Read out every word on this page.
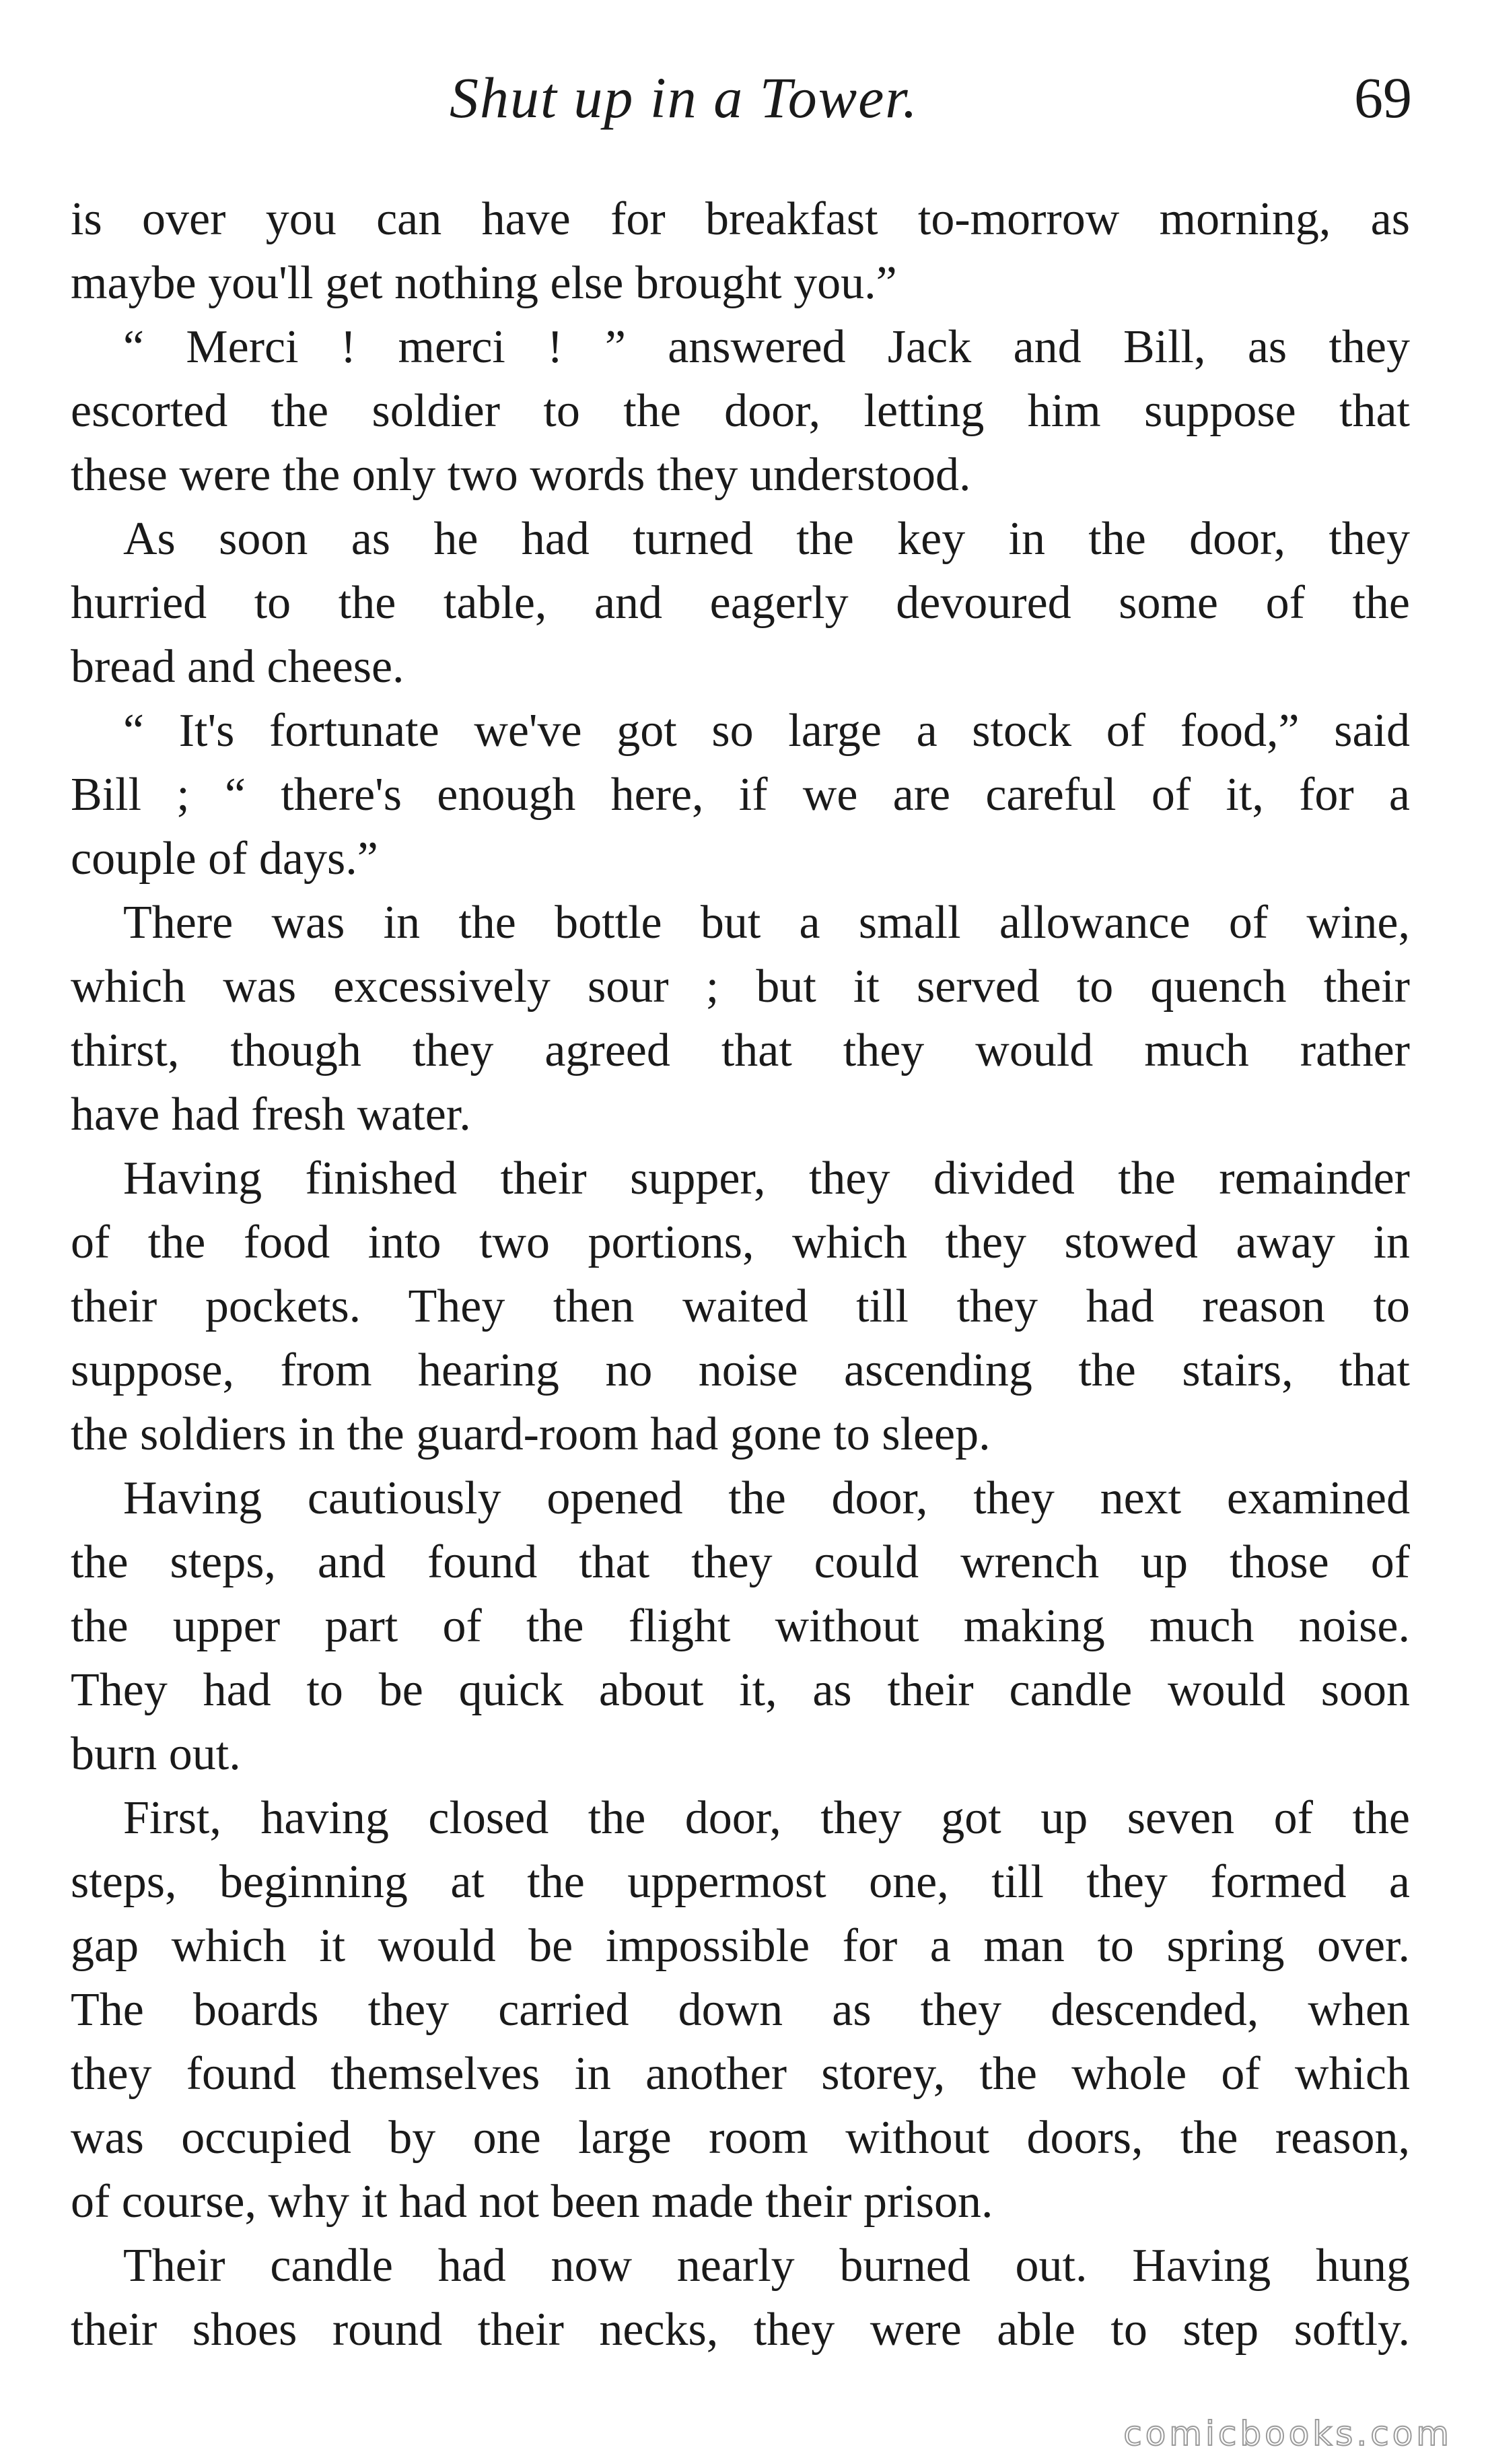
Shut up in a Tower.	69
is over you can have for breakfast to-morrow morning, as
maybe you'll get nothing else brought you.”
“ Merci ! merci ! ” answered Jack and Bill, as they
escorted the soldier to the door, letting him suppose that
these were the only two words they understood.
As soon as he had turned the key in the door, they
hurried to the table, and eagerly devoured some of the
bread and cheese.
“ It's fortunate we've got so large a stock of food,” said
Bill ; “ there's enough here, if we are careful of it, for a
couple of days.”
There was in the bottle but a small allowance of wine,
which was excessively sour ; but it served to quench their
thirst, though they agreed that they would much rather
have had fresh water.
Having finished their supper, they divided the remainder
of the food into two portions, which they stowed away in
their pockets. They then waited till they had reason to
suppose, from hearing no noise ascending the stairs, that
the soldiers in the guard-room had gone to sleep.
Having cautiously opened the door, they next examined
the steps, and found that they could wrench up those of
the upper part of the flight without making much noise.
They had to be quick about it, as their candle would soon
burn out.
First, having closed the door, they got up seven of the
steps, beginning at the uppermost one, till they formed a
gap which it would be impossible for a man to spring over.
The boards they carried down as they descended, when
they found themselves in another storey, the whole of which
was occupied by one large room without doors, the reason,
of course, why it had not been made their prison.
Their candle had now nearly burned out. Having hung
their shoes round their necks, they were able to step softly.
comicbooks.com
